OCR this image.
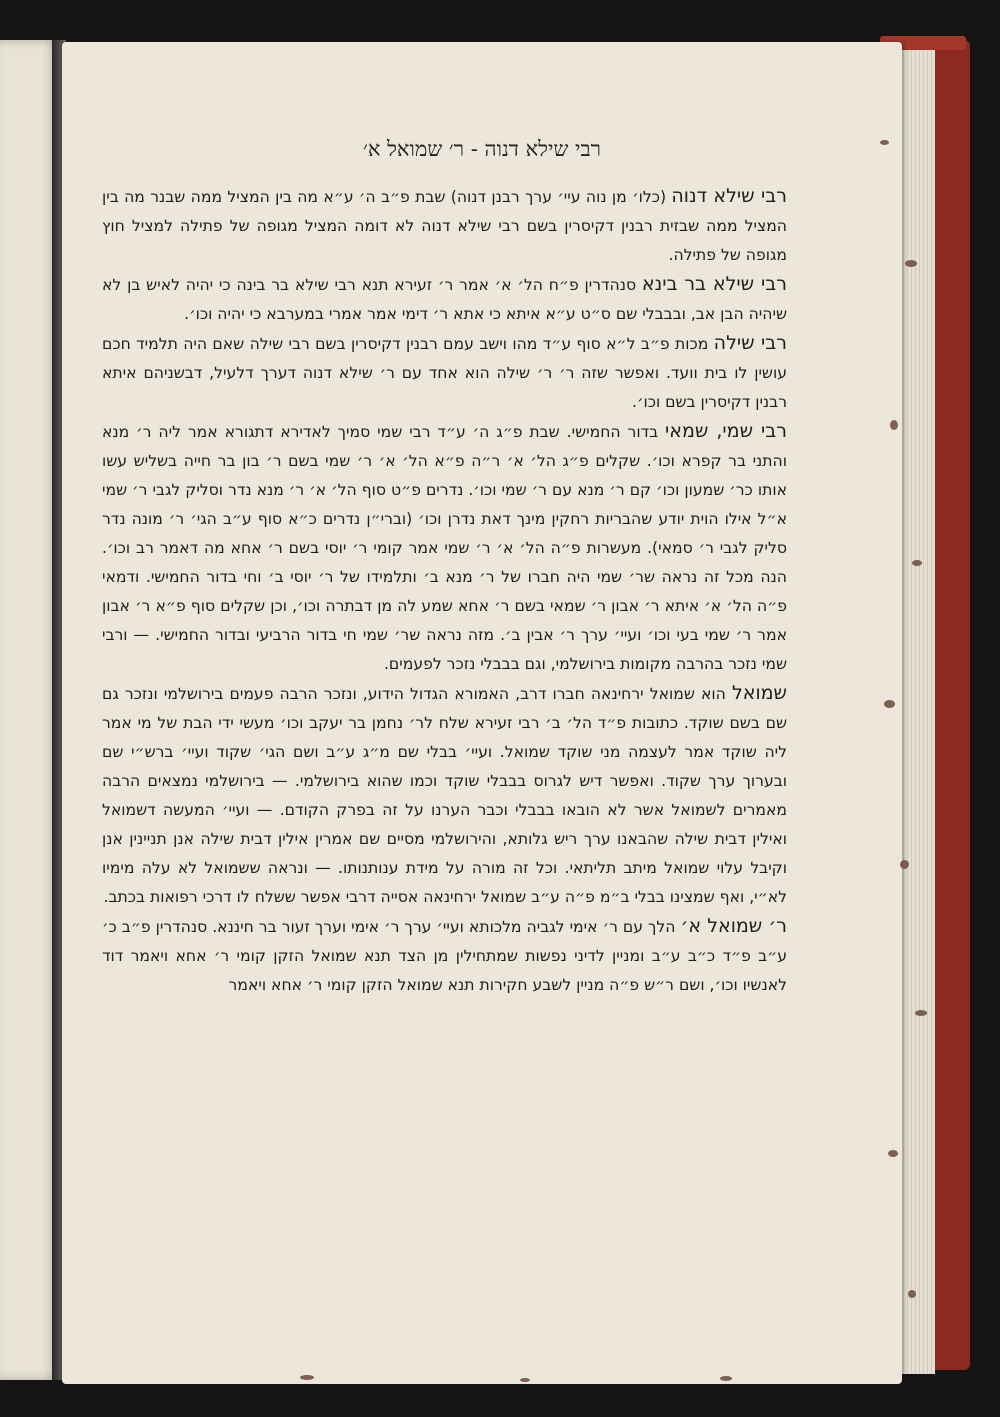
רבי שילא דנוה - ר׳ שמואל א׳

רבי שילא דנוה (כלו׳ מן נוה עיי׳ ערך רבנן דנוה) שבת פ״ב ה׳ ע״א מה בין המציל ממה שבנר מה בין המציל ממה שבזית רבנין דקיסרין בשם רבי שילא דנוה לא דומה המציל מגופה של פתילה למציל חוץ מגופה של פתילה.

רבי שילא בר בינא סנהדרין פ״ח הל׳ א׳ אמר ר׳ זעירא תנא רבי שילא בר בינה כי יהיה לאיש בן לא שיהיה הבן אב, ובבבלי שם ס״ט ע״א איתא כי אתא ר׳ דימי אמר אמרי במערבא כי יהיה וכו׳.

רבי שילה מכות פ״ב ל״א סוף ע״ד מהו וישב עמם רבנין דקיסרין בשם רבי שילה שאם היה תלמיד חכם עושין לו בית וועד. ואפשר שזה ר׳ ר׳ שילה הוא אחד עם ר׳ שילא דנוה דערך דלעיל, דבשניהם איתא רבנין דקיסרין בשם וכו׳.

רבי שמי, שמאי בדור החמישי. שבת פ״ג ה׳ ע״ד רבי שמי סמיך לאדירא דתגורא אמר ליה ר׳ מנא והתני בר קפרא וכו׳. שקלים פ״ג הל׳ א׳ ר״ה פ״א הל׳ א׳ ר׳ שמי בשם ר׳ בון בר חייה בשליש עשו אותו כר׳ שמעון וכו׳ קם ר׳ מנא עם ר׳ שמי וכו׳. נדרים פ״ט סוף הל׳ א׳ ר׳ מנא נדר וסליק לגבי ר׳ שמי א״ל אילו הוית יודע שהבריות רחקין מינך דאת נדרן וכו׳ (וברי״ן נדרים כ״א סוף ע״ב הגי׳ ר׳ מונה נדר סליק לגבי ר׳ סמאי). מעשרות פ״ה הל׳ א׳ ר׳ שמי אמר קומי ר׳ יוסי בשם ר׳ אחא מה דאמר רב וכו׳. הנה מכל זה נראה שר׳ שמי היה חברו של ר׳ מנא ב׳ ותלמידו של ר׳ יוסי ב׳ וחי בדור החמישי. ודמאי פ״ה הל׳ א׳ איתא ר׳ אבון ר׳ שמאי בשם ר׳ אחא שמע לה מן דבתרה וכו׳, וכן שקלים סוף פ״א ר׳ אבון אמר ר׳ שמי בעי וכו׳ ועיי׳ ערך ר׳ אבין ב׳. מזה נראה שר׳ שמי חי בדור הרביעי ובדור החמישי. — ורבי שמי נזכר בהרבה מקומות בירושלמי, וגם בבבלי נזכר לפעמים.

שמואל הוא שמואל ירחינאה חברו דרב, האמורא הגדול הידוע, ונזכר הרבה פעמים בירושלמי ונזכר גם שם בשם שוקד. כתובות פ״ד הל׳ ב׳ רבי זעירא שלח לר׳ נחמן בר יעקב וכו׳ מעשי ידי הבת של מי אמר ליה שוקד אמר לעצמה מני שוקד שמואל. ועיי׳ בבלי שם מ״ג ע״ב ושם הגי׳ שקוד ועיי׳ ברש״י שם ובערוך ערך שקוד. ואפשר דיש לגרוס בבבלי שוקד וכמו שהוא בירושלמי. — בירושלמי נמצאים הרבה מאמרים לשמואל אשר לא הובאו בבבלי וכבר הערנו על זה בפרק הקודם. — ועיי׳ המעשה דשמואל ואילין דבית שילה שהבאנו ערך ריש גלותא, והירושלמי מסיים שם אמרין אילין דבית שילה אנן תניינין אנן וקיבל עלוי שמואל מיתב תליתאי. וכל זה מורה על מידת ענותנותו. — ונראה ששמואל לא עלה מימיו לא״י, ואף שמצינו בבלי ב״מ פ״ה ע״ב שמואל ירחינאה אסייה דרבי אפשר ששלח לו דרכי רפואות בכתב.

ר׳ שמואל א׳ הלך עם ר׳ אימי לגביה מלכותא ועיי׳ ערך ר׳ אימי וערך זעור בר חיננא. סנהדרין פ״ב כ׳ ע״ב פ״ד כ״ב ע״ב ומניין לדיני נפשות שמתחילין מן הצד תנא שמואל הזקן קומי ר׳ אחא ויאמר דוד לאנשיו וכו׳, ושם ר״ש פ״ה מניין לשבע חקירות תנא שמואל הזקן קומי ר׳ אחא ויאמר
